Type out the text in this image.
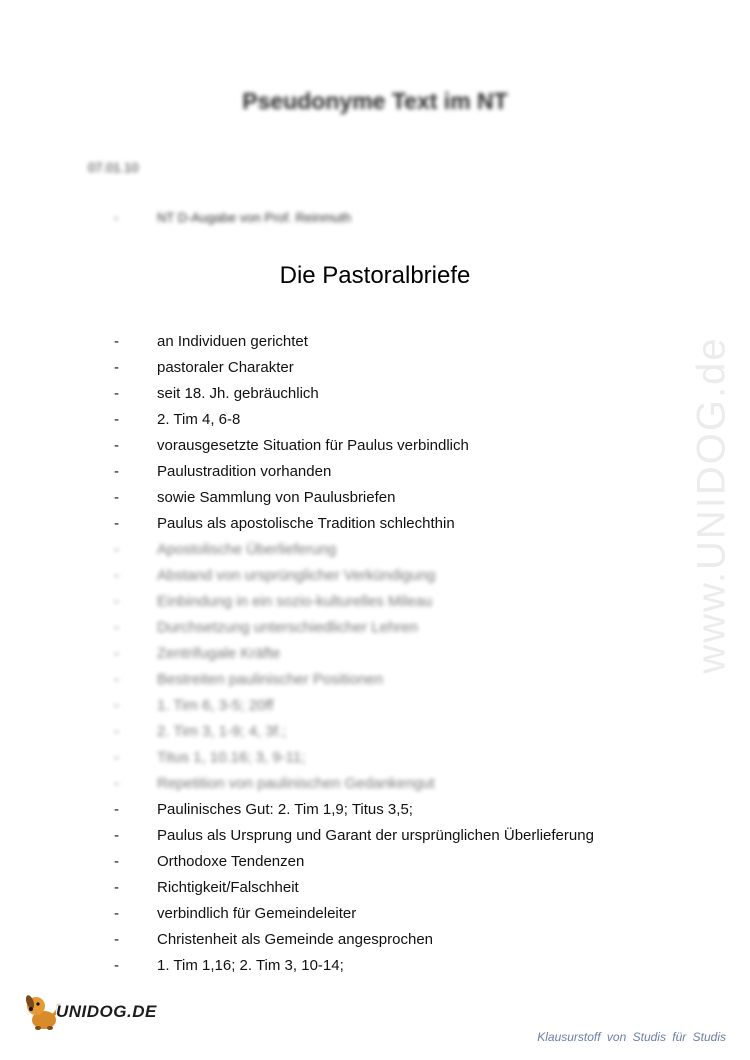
Pseudonyme Text im NT
07.01.10
-	NT D-Augabe von Prof. Reinmuth
Die Pastoralbriefe
www.UNIDOG.de
-	an Individuen gerichtet
-	pastoraler Charakter
-	seit 18. Jh. gebräuchlich
-	2. Tim 4, 6-8
-	vorausgesetzte Situation für Paulus verbindlich
-	Paulustradition vorhanden
-	sowie Sammlung von Paulusbriefen
-	Paulus als apostolische Tradition schlechthin
-	Apostolische Überlieferung
-	Abstand von ursprünglicher Verkündigung
-	Einbindung in ein sozio-kulturelles Mileau
-	Durchsetzung unterschiedlicher Lehren
-	Zentrifugale Kräfte
-	Bestreiten paulinischer Positionen
-	1. Tim 6, 3-5; 20ff
-	2. Tim 3, 1-9; 4, 3f.;
-	Titus 1, 10.16; 3, 9-11;
-	Repetition von paulinischen Gedankengut
-	Paulinisches Gut: 2. Tim 1,9; Titus 3,5;
-	Paulus als Ursprung und Garant der ursprünglichen Überlieferung
-	Orthodoxe Tendenzen
-	Richtigkeit/Falschheit
-	verbindlich für Gemeindeleiter
-	Christenheit als Gemeinde angesprochen
-	1. Tim 1,16; 2. Tim 3, 10-14;
UNIDOG.DE
Klausurstoff von Studis für Studis
